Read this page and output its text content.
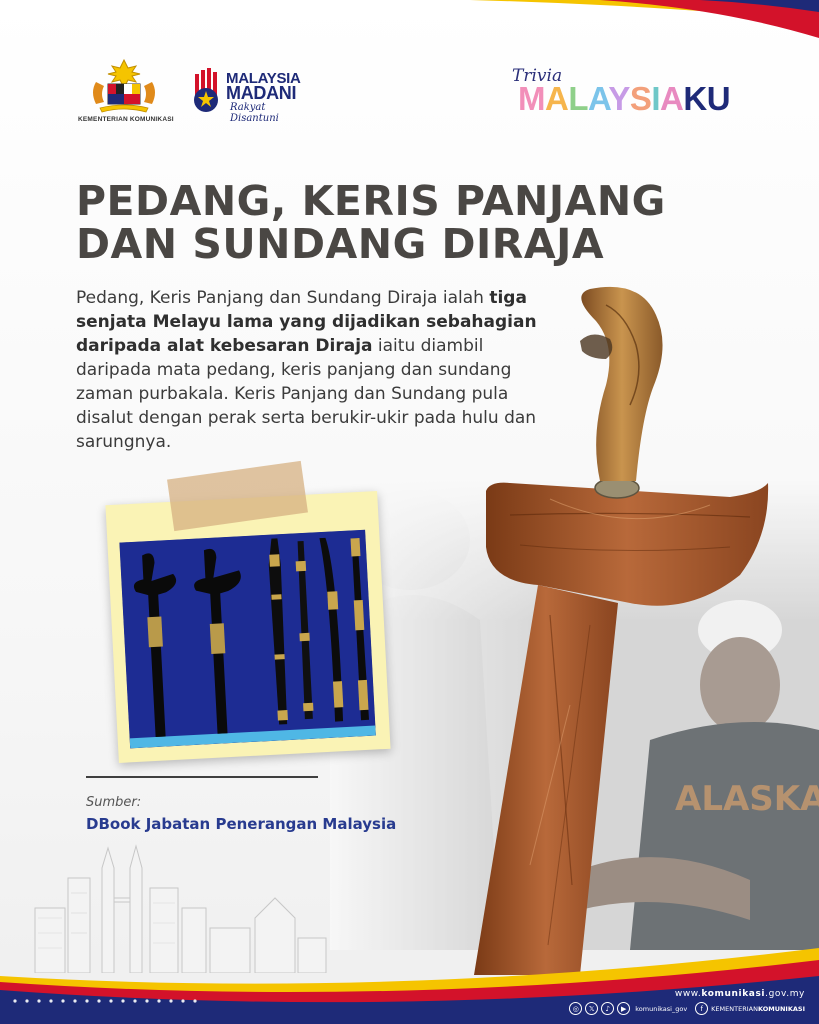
KEMENTERIAN KOMUNIKASI
MALAYSIA
MADANI
Rakyat Disantuni
Trivia
MALAYSIAKU
PEDANG, KERIS PANJANG
DAN SUNDANG DIRAJA
Pedang, Keris Panjang dan Sundang Diraja ialah tiga senjata Melayu lama yang dijadikan sebahagian daripada alat kebesaran Diraja iaitu diambil daripada mata pedang, keris panjang dan sundang zaman purbakala. Keris Panjang dan Sundang pula disalut dengan perak serta berukir-ukir pada hulu dan sarungnya.
Sumber:
DBook Jabatan Penerangan Malaysia
www.komunikasi.gov.my
◎	𝕏	♪	▶	komunikasi_gov	f	KEMENTERIANKOMUNIKASI
